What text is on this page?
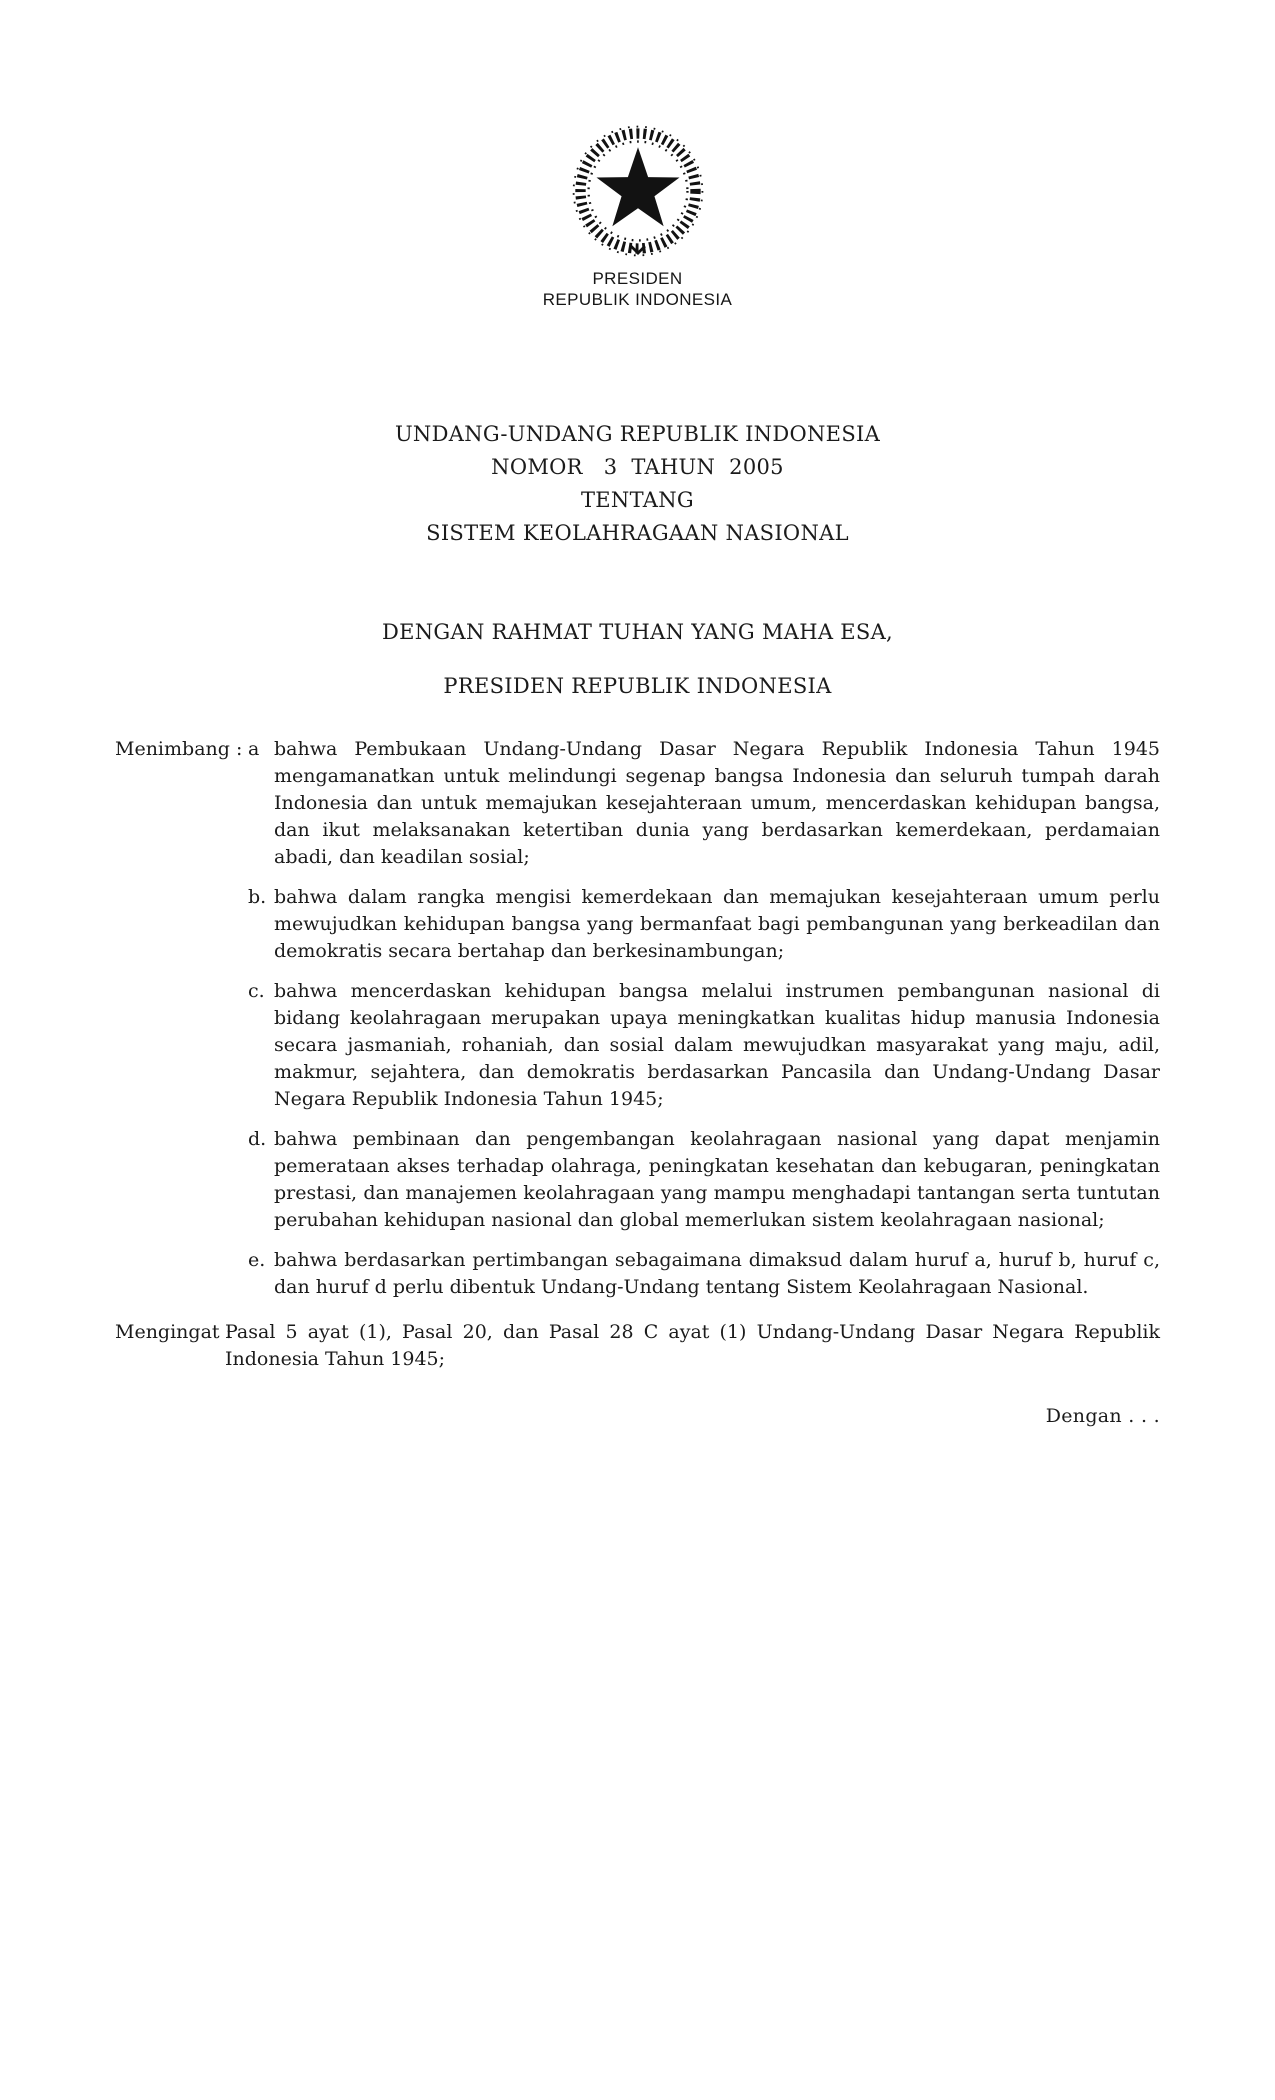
PRESIDEN
REPUBLIK INDONESIA
UNDANG-UNDANG REPUBLIK INDONESIA
NOMOR   3  TAHUN  2005
TENTANG
SISTEM KEOLAHRAGAAN NASIONAL
DENGAN RAHMAT TUHAN YANG MAHA ESA,
PRESIDEN REPUBLIK INDONESIA
Menimbang : a bahwa Pembukaan Undang-Undang Dasar Negara Republik Indonesia Tahun 1945 mengamanatkan untuk melindungi segenap bangsa Indonesia dan seluruh tumpah darah Indonesia dan untuk memajukan kesejahteraan umum, mencerdaskan kehidupan bangsa, dan ikut melaksanakan ketertiban dunia yang berdasarkan kemerdekaan, perdamaian abadi, dan keadilan sosial;

b. bahwa dalam rangka mengisi kemerdekaan dan memajukan kesejahteraan umum perlu mewujudkan kehidupan bangsa yang bermanfaat bagi pembangunan yang berkeadilan dan demokratis secara bertahap dan berkesinambungan;

c. bahwa mencerdaskan kehidupan bangsa melalui instrumen pembangunan nasional di bidang keolahragaan merupakan upaya meningkatkan kualitas hidup manusia Indonesia secara jasmaniah, rohaniah, dan sosial dalam mewujudkan masyarakat yang maju, adil, makmur, sejahtera, dan demokratis berdasarkan Pancasila dan Undang-Undang Dasar Negara Republik Indonesia Tahun 1945;

d. bahwa pembinaan dan pengembangan keolahragaan nasional yang dapat menjamin pemerataan akses terhadap olahraga, peningkatan kesehatan dan kebugaran, peningkatan prestasi, dan manajemen keolahragaan yang mampu menghadapi tantangan serta tuntutan perubahan kehidupan nasional dan global memerlukan sistem keolahragaan nasional;

e. bahwa berdasarkan pertimbangan sebagaimana dimaksud dalam huruf a, huruf b, huruf c, dan huruf d perlu dibentuk Undang-Undang tentang Sistem Keolahragaan Nasional.

Mengingat :

Pasal 5 ayat (1), Pasal 20, dan Pasal 28 C ayat (1) Undang-Undang Dasar Negara Republik Indonesia Tahun 1945;

Dengan . . .
